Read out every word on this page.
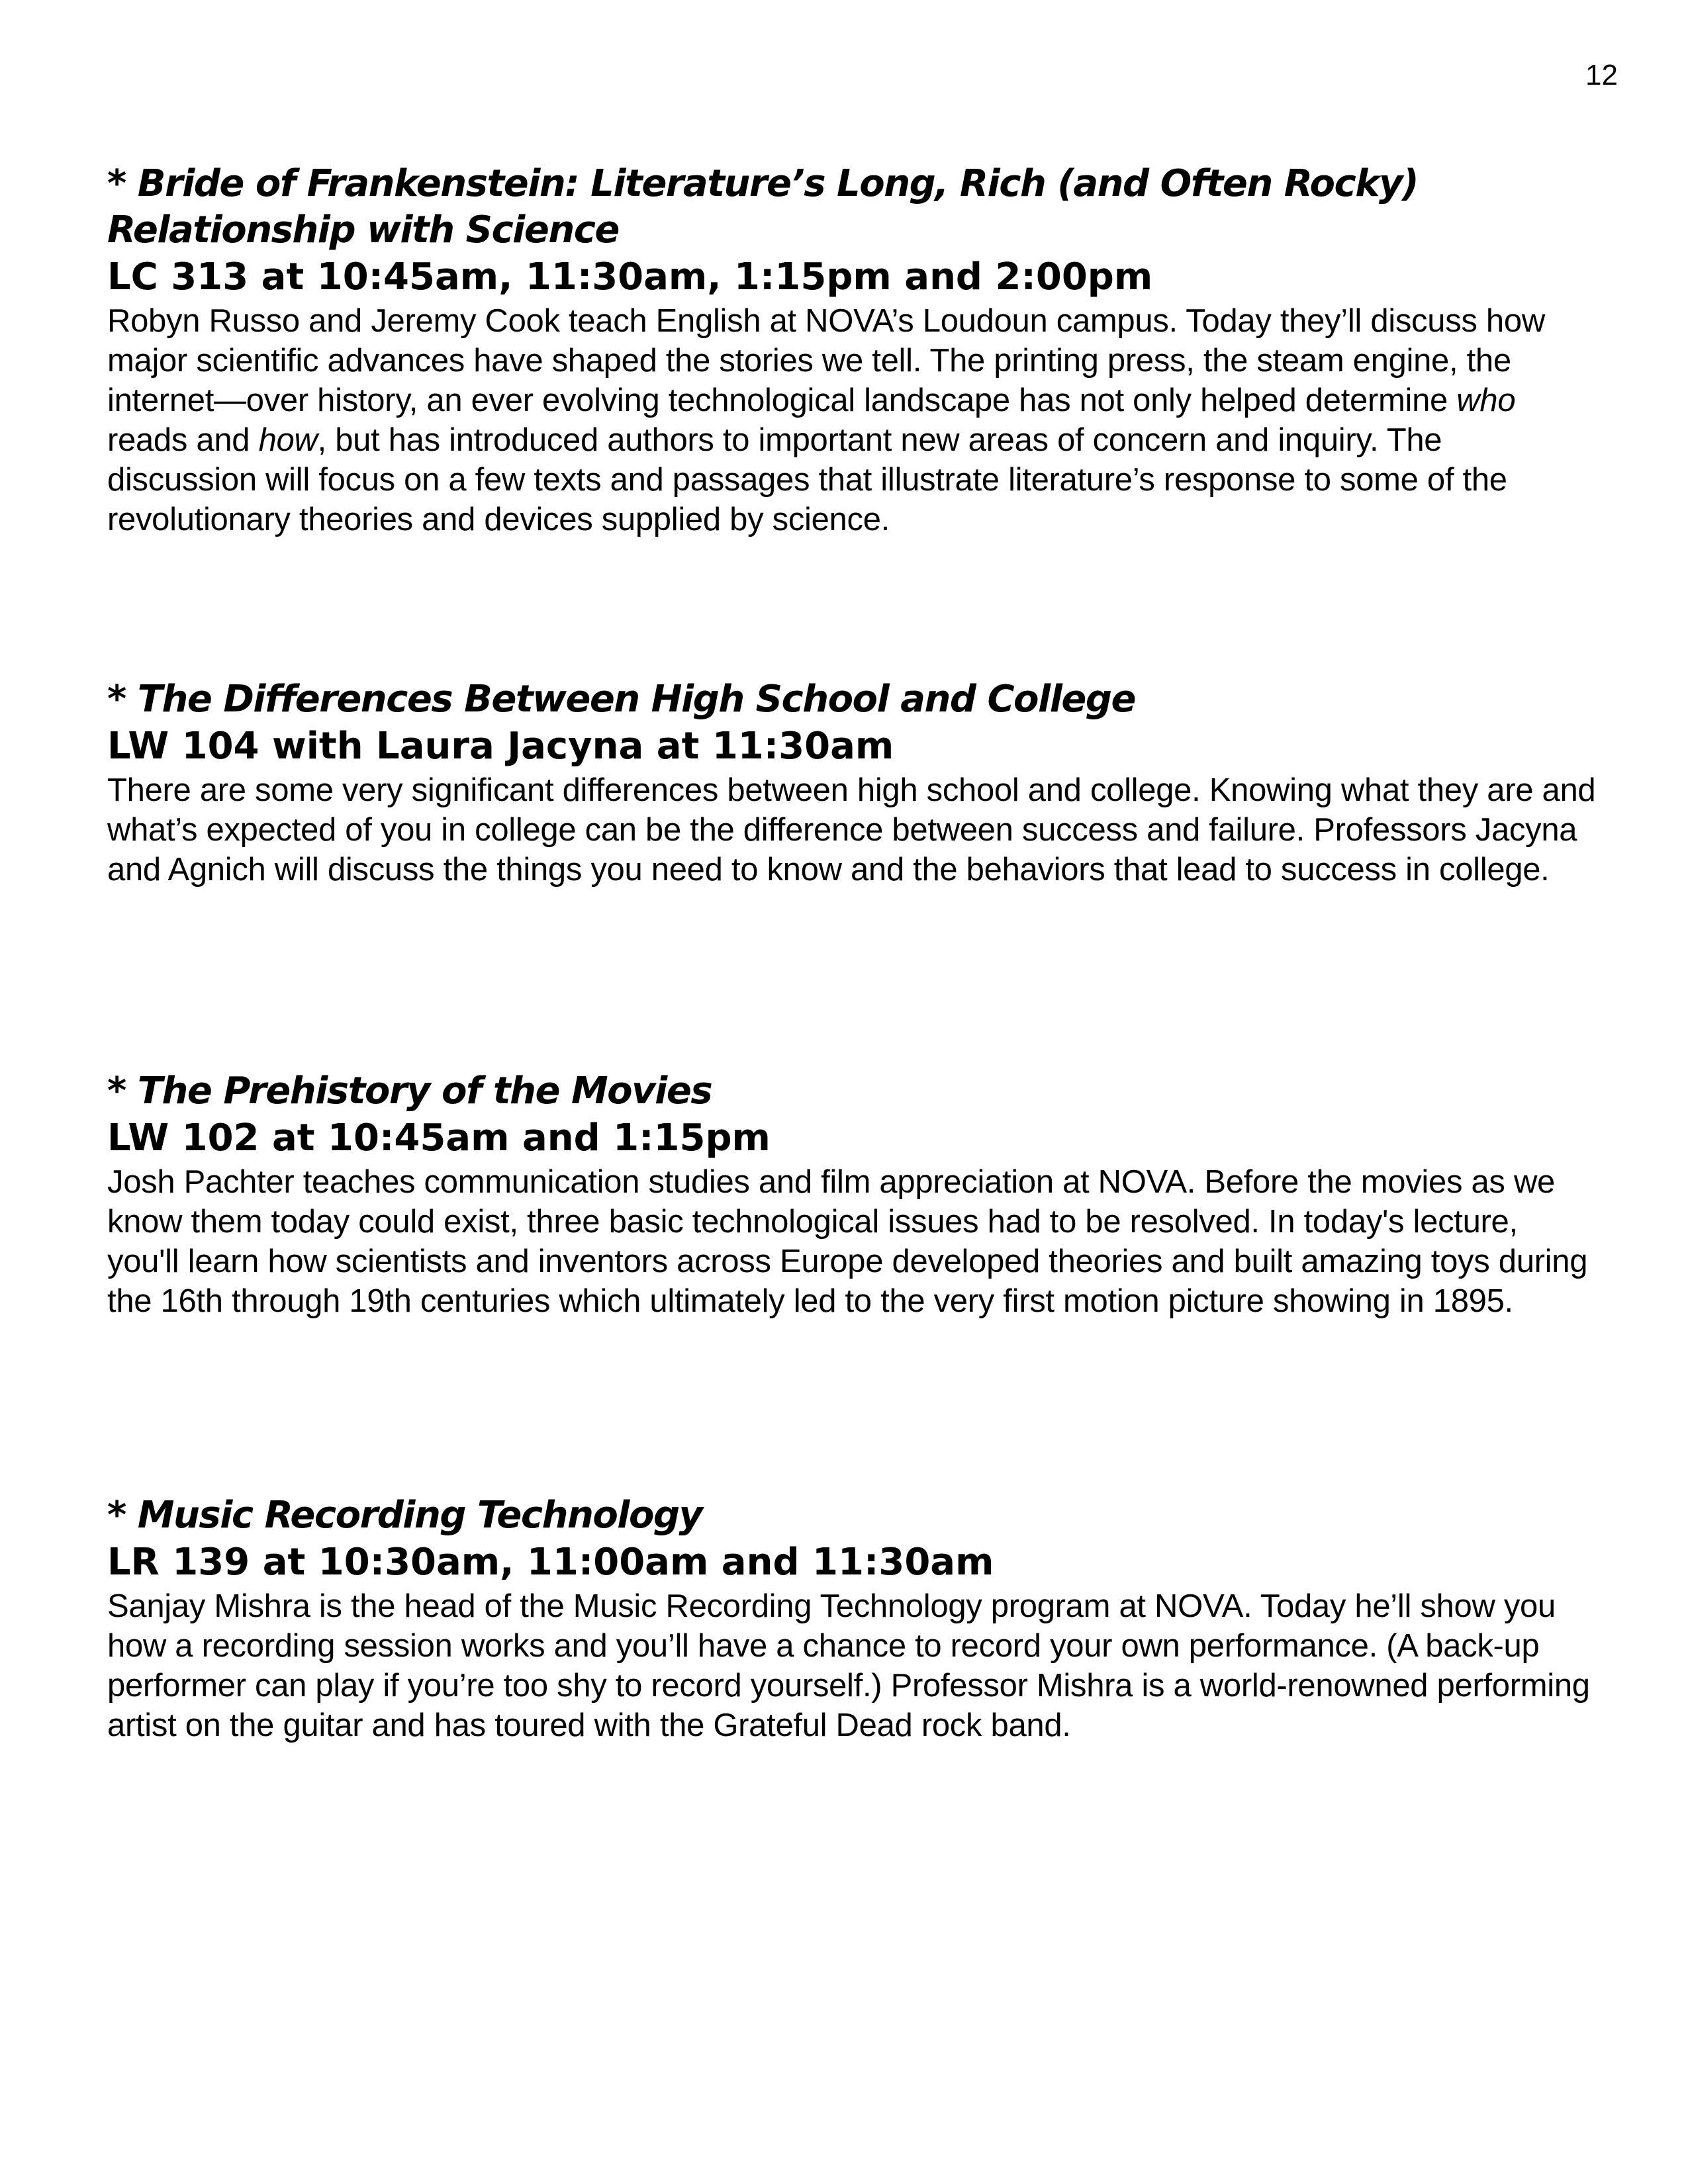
12
* Bride of Frankenstein: Literature’s Long, Rich (and Often Rocky)
Relationship with Science

LC 313 at 10:45am, 11:30am, 1:15pm and 2:00pm

Robyn Russo and Jeremy Cook teach English at NOVA’s Loudoun campus. Today they’ll discuss how major scientific advances have shaped the stories we tell. The printing press, the steam engine, the internet—over history, an ever evolving technological landscape has not only helped determine who reads and how, but has introduced authors to important new areas of concern and inquiry. The discussion will focus on a few texts and passages that illustrate literature’s response to some of the revolutionary theories and devices supplied by science.

* The Differences Between High School and College

LW 104 with Laura Jacyna at 11:30am

There are some very significant differences between high school and college. Knowing what they are and what’s expected of you in college can be the difference between success and failure. Professors Jacyna and Agnich will discuss the things you need to know and the behaviors that lead to success in college.

* The Prehistory of the Movies

LW 102 at 10:45am and 1:15pm

Josh Pachter teaches communication studies and film appreciation at NOVA. Before the movies as we know them today could exist, three basic technological issues had to be resolved. In today's lecture, you'll learn how scientists and inventors across Europe developed theories and built amazing toys during the 16th through 19th centuries which ultimately led to the very first motion picture showing in 1895.

* Music Recording Technology

LR 139 at 10:30am, 11:00am and 11:30am

Sanjay Mishra is the head of the Music Recording Technology program at NOVA. Today he’ll show you how a recording session works and you’ll have a chance to record your own performance. (A back-up performer can play if you’re too shy to record yourself.) Professor Mishra is a world-renowned performing artist on the guitar and has toured with the Grateful Dead rock band.
